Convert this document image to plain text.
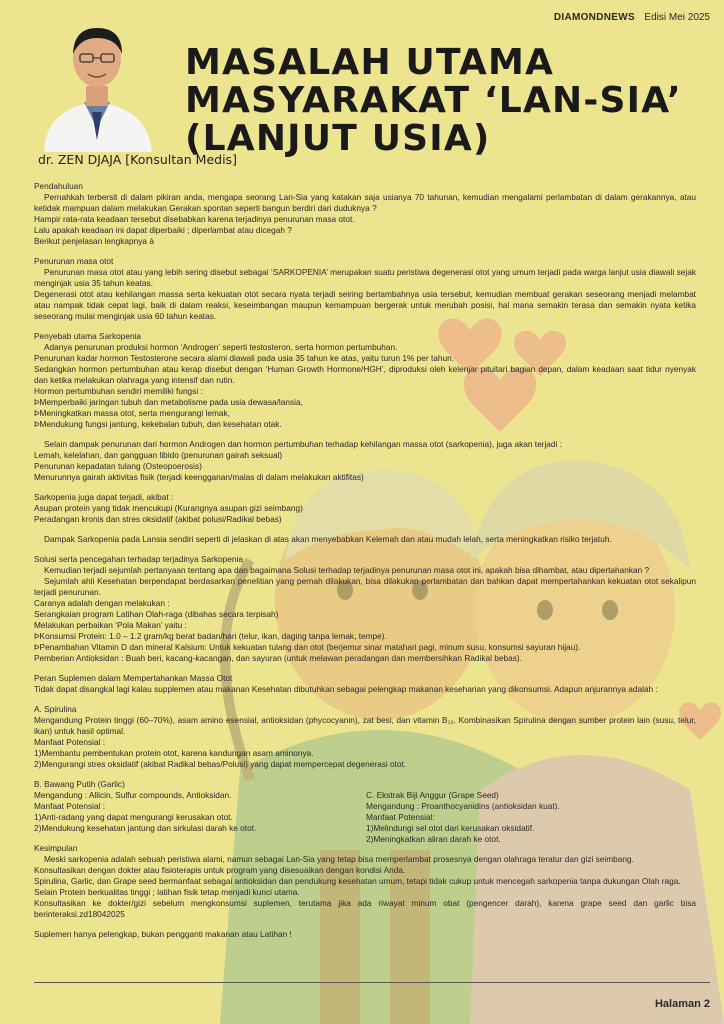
DIAMONDNEWS Edisi Mei 2025
MASALAH UTAMA
MASYARAKAT ‘LAN-SIA’
(LANJUT USIA)
dr. ZEN DJAJA [Konsultan Medis]

Pendahuluan

Pernahkah terbersit di dalam pikiran anda, mengapa seorang Lan-Sia yang katakan saja usianya 70 tahunan, kemudian mengalami perlambatan di dalam gerakannya, atau ketidak mampuan dalam melakukan Gerakan spontan seperti bangun berdiri dari duduknya ?

Hampir rata-rata keadaan tersebut disebabkan karena terjadinya penurunan masa otot.

Lalu apakah keadaan ini dapat diperbaiki ; diperlambat atau dicegah ?

Berikut penjelasan lengkapnya à

Penurunan masa otot

Penurunan masa otot atau yang lebih sering disebut sebagai ‘SARKOPENIA’ merupakan suatu peristiwa degenerasi otot yang umum terjadi pada warga lanjut usia diawali sejak menginjak usia 35 tahun keatas.

Degenerasi otot atau kehilangan massa serta kekuatan otot secara nyata terjadi seiring bertambahnya usia tersebut, kemudian membuat gerakan seseorang menjadi melambat atau nampak tidak cepat lagi, baik di dalam reaksi, keseimbangan maupun kemampuan bergerak untuk merubah posisi, hal mana semakin terasa dan semakin nyata ketika seseorang mulai menginjak usia 60 tahun keatas.

Penyebab utama Sarkopenia

Adanya penurunan produksi hormon ‘Androgen’ seperti testosteron, serta hormon pertumbuhan.

Penurunan kadar hormon Testosterone secara alami diawali pada usia 35 tahun ke atas, yaitu turun 1% per tahun.

Sedangkan hormon pertumbuhan atau kerap disebut dengan ‘Human Growth Hormone/HGH’, diproduksi oleh kelenjar pituitari bagian depan, dalam keadaan saat tidur nyenyak dan ketika melakukan olahraga yang intensif dan rutin.

Hormon pertumbuhan sendiri memiliki fungsi :

ÞMemperbaiki jaringan tubuh dan metabolisme pada usia dewasa/lansia,

ÞMeningkatkan massa otot, serta mengurangi lemak,

ÞMendukung fungsi jantung, kekebalan tubuh, dan kesehatan otak.

Selain dampak penurunan dari hormon Androgen dan hormon pertumbuhan terhadap kehilangan massa otot (sarkopenia), juga akan terjadi :

Lemah, kelelahan, dan gangguan libido (penurunan gairah seksual)

Penurunan kepadatan tulang (Osteopoerosis)

Menurunnya gairah aktivitas fisik (terjadi keengganan/malas di dalam melakukan aktifitas)

Sarkopenia juga dapat terjadi, akibat :

Asupan protein yang tidak mencukupi (Kurangnya asupan gizi seimbang)

Peradangan kronis dan stres oksidatif (akibat polusi/Radikal bebas)

Dampak Sarkopenia pada Lansia sendiri seperti di jelaskan di atas akan menyebabkan Kelemah dan atau mudah lelah, serta meningkatkan risiko terjatuh.

Solusi serta pencegahan terhadap terjadinya Sarkopenia

Kemudian terjadi sejumlah pertanyaan tentang apa dan bagaimana Solusi terhadap terjadinya penurunan masa otot ini, apakah bisa dihambat, atau dipertahankan ?

Sejumlah ahli Kesehatan berpendapat berdasarkan penelitian yang pernah dilakukan, bisa dilakukan perlambatan dan bahkan dapat mempertahankan kekuatan otot sekalipun terjadi penurunan.

Caranya adalah dengan melakukan :

Serangkaian program Latihan Olah-raga (dibahas secara terpisah)

Melakukan perbaikan ‘Pola Makan’ yaitu :

ÞKonsumsi Protein: 1.0 – 1.2 gram/kg berat badan/hari (telur, ikan, daging tanpa lemak, tempe).

ÞPenambahan Vitamin D dan mineral Kalsium: Untuk kekuatan tulang dan otot (berjemur sinar matahari pagi, minum susu, konsumsi sayuran hijau).

Pemberian Antioksidan : Buah beri, kacang-kacangan, dan sayuran (untuk melawan peradangan dan membersihkan Radikal bebas).

Peran Suplemen dalam Mempertahankan Massa Otot

Tidak dapat disangkal lagi kalau supplemen atau makanan Kesehatan dibutuhkan sebagai pelengkap makanan keseharian yang dikonsumsi. Adapun anjurannya adalah :

A. Spirulina

Mengandung Protein tinggi (60–70%), asam amino esensial, antioksidan (phycocyanin), zat besi, dan vitamin B₁₂. Kombinasikan Spirulina dengan sumber protein lain (susu, telur, ikan) untuk hasil optimal.

Manfaat Potensial :

1)Membantu pembentukan protein otot, karena kandungan asam aminonya.

2)Mengurangi stres oksidatif (akibat Radikal bebas/Polusi) yang dapat mempercepat degenerasi otot.

B. Bawang Putih (Garlic)

Mengandung : Allicin, Sulfur compounds, Antioksidan.

Manfaat Potensial :

1)Anti-radang yang dapat mengurangi kerusakan otot.

2)Mendukung kesehatan jantung dan sirkulasi darah ke otot.

Kesimpulan

C. Ekstrak Biji Anggur (Grape Seed)

Mengandung : Proanthocyanidins (antioksidan kuat).

Manfaat Potensial:

1)Melindungi sel otot dari kerusakan oksidatif.

2)Meningkatkan aliran darah ke otot.

Meski sarkopenia adalah sebuah peristiwa alami, namun sebagai Lan-Sia yang tetap bisa memperlambat prosesnya dengan olahraga teratur dan gizi seimbang.

Konsultasikan dengan dokter atau fisioterapis untuk program yang disesuaikan dengan kondisi Anda.

Spirulina, Garlic, dan Grape seed bermanfaat sebagai antioksidan dan pendukung kesehatan umum, tetapi tidak cukup untuk mencegah sarkopenia tanpa dukungan Olah raga.

Selain Protein berkualitas tinggi ; latihan fisik tetap menjadi kunci utama.

Konsultasikan ke dokter/gizi sebelum mengkonsumsi suplemen, terutama jika ada riwayat minum obat (pengencer darah), karena grape seed dan garlic bisa berinteraksi.zd18042025

Suplemen hanya pelengkap, bukan pengganti makanan atau Latihan !

Halaman 2
